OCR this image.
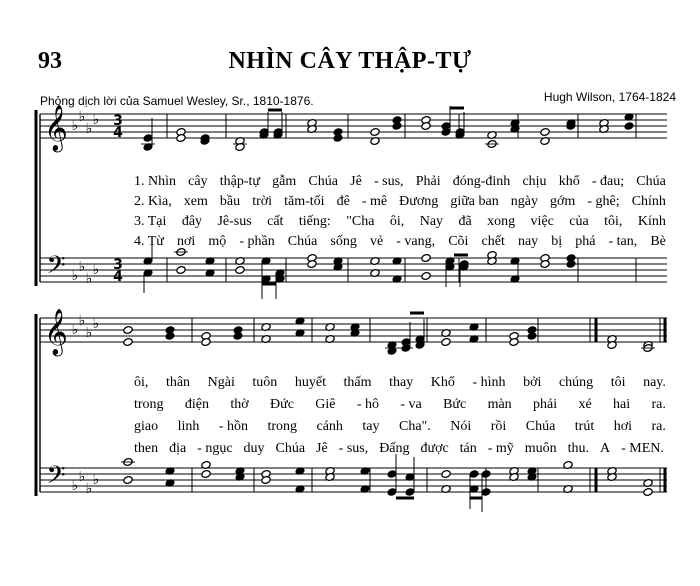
93	NHÌN CÂY THẬP-TỰ
Phỏng dịch lời của Samuel Wesley, Sr., 1810-1876.	Hugh Wilson, 1764-1824
𝄞
𝄢
♭
♭
♭
♭
♭
♭
♭
♭
3
4
3
4
𝄞
𝄢
♭
♭
♭
♭
♭
♭
♭
♭
1. Nhìn cây thập-tự gẫm Chúa Jê - sus, Phải đóng-đinh chịu khổ - đau; Chúa
2. Kìa, xem bầu trời tăm-tối đê - mê Đương giữa ban ngày gớm - ghê; Chính
3. Tại đây Jê-sus cất tiếng: "Cha ôi, Nay đã xong việc của tôi, Kính
4. Từ nơi mộ - phần Chúa sống vẻ - vang, Cõi chết nay bị phá - tan, Bè
ôi, thân Ngài tuôn huyết thấm thay Khổ - hình bởi chúng tôi nay.
trong điện thờ Đức Giê - hô - va Bức màn phải xé hai ra.
giao linh - hồn trong cánh tay Cha". Nói rồi Chúa trút hơi ra.
then địa - ngục duy Chúa Jê - sus, Đấng được tán - mỹ muôn thu. A - MEN.
